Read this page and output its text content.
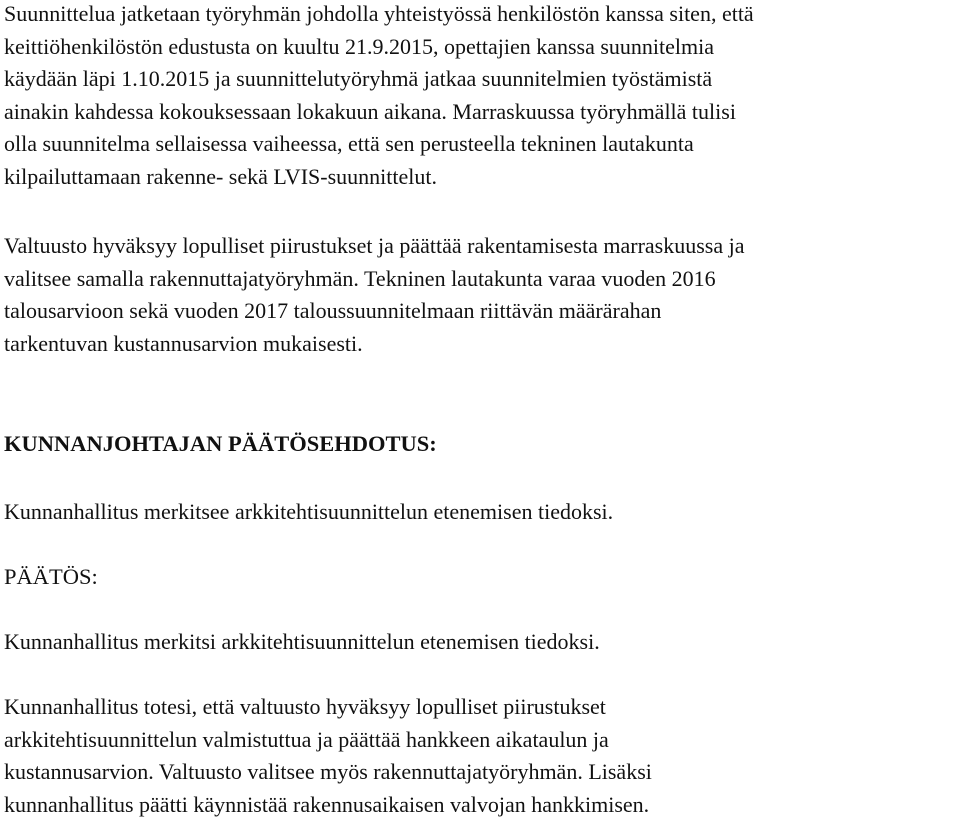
Suunnittelua jatketaan työryhmän johdolla yhteistyössä henkilöstön kanssa siten, että
keittiöhenkilöstön edustusta on kuultu 21.9.2015, opettajien kanssa suunnitelmia
käydään läpi 1.10.2015 ja suunnittelutyöryhmä jatkaa suunnitelmien työstämistä
ainakin kahdessa kokouksessaan lokakuun aikana. Marraskuussa työryhmällä tulisi
olla suunnitelma sellaisessa vaiheessa, että sen perusteella tekninen lautakunta
kilpailuttamaan rakenne- sekä LVIS-suunnittelut.

Valtuusto hyväksyy lopulliset piirustukset ja päättää rakentamisesta marraskuussa ja
valitsee samalla rakennuttajatyöryhmän. Tekninen lautakunta varaa vuoden 2016
talousarvioon sekä vuoden 2017 taloussuunnitelmaan riittävän määrärahan
tarkentuvan kustannusarvion mukaisesti.

KUNNANJOHTAJAN PÄÄTÖSEHDOTUS:

Kunnanhallitus merkitsee arkkitehtisuunnittelun etenemisen tiedoksi.

PÄÄTÖS:

Kunnanhallitus merkitsi arkkitehtisuunnittelun etenemisen tiedoksi.

Kunnanhallitus totesi, että valtuusto hyväksyy lopulliset piirustukset
arkkitehtisuunnittelun valmistuttua ja päättää hankkeen aikataulun ja
kustannusarvion. Valtuusto valitsee myös rakennuttajatyöryhmän. Lisäksi
kunnanhallitus päätti käynnistää rakennusaikaisen valvojan hankkimisen.
